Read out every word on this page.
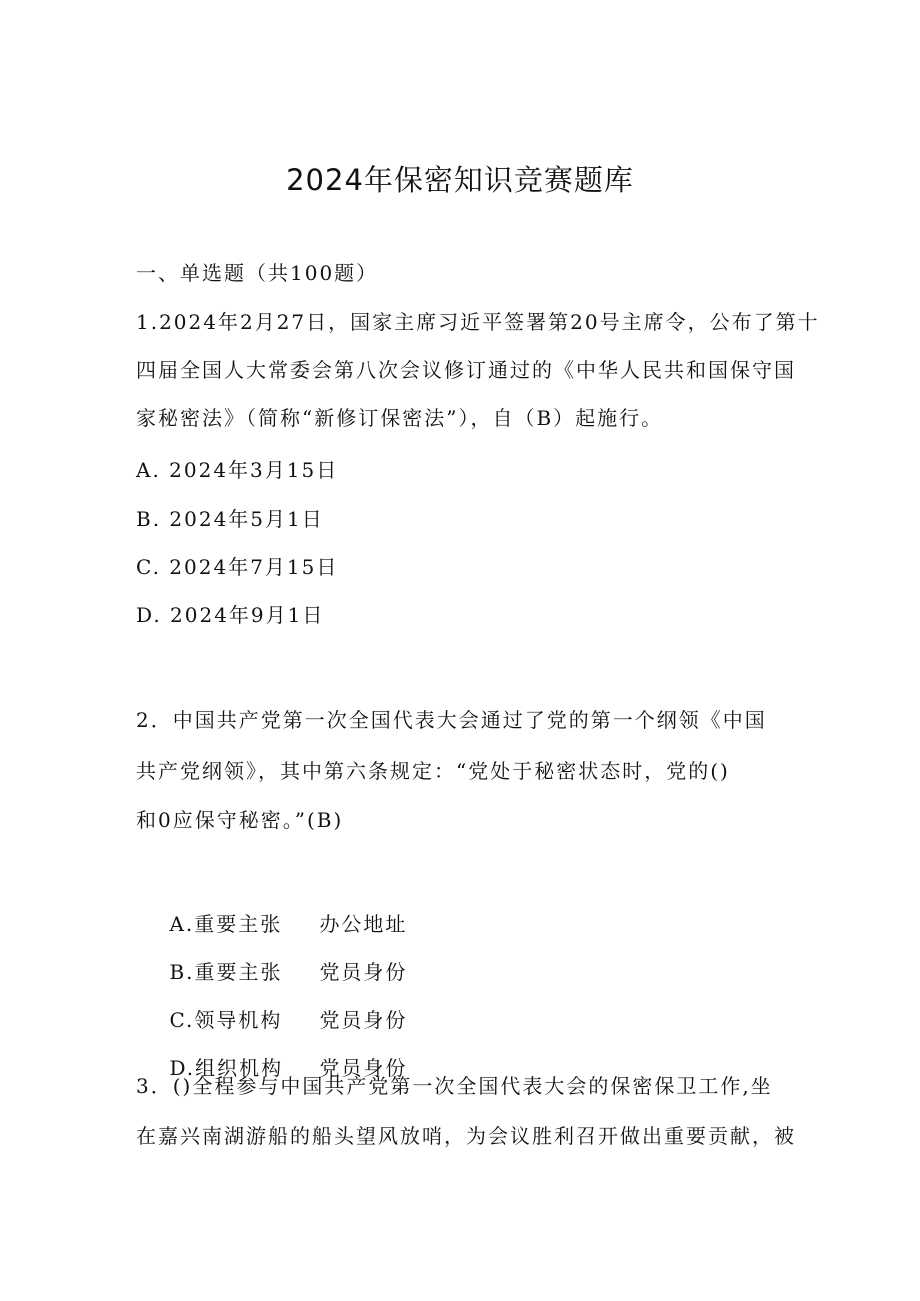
2024年保密知识竞赛题库
一、单选题（共100题）
1.2024年2月27日，国家主席习近平签署第20号主席令，公布了第十
四届全国人大常委会第八次会议修订通过的《中华人民共和国保守国
家秘密法》（简称“新修订保密法”），自（B）起施行。
A. 2024年3月15日
B. 2024年5月1日
C. 2024年7月15日
D. 2024年9月1日
2．中国共产党第一次全国代表大会通过了党的第一个纲领《中国
共产党纲领》，其中第六条规定：“党处于秘密状态时，党的()
和0应保守秘密。”(B)

A.重要主张 办公地址

B.重要主张 党员身份

C.领导机构 党员身份

D.组织机构 党员身份

3．()全程参与中国共产党第一次全国代表大会的保密保卫工作,坐
在嘉兴南湖游船的船头望风放哨，为会议胜利召开做出重要贡献，被
